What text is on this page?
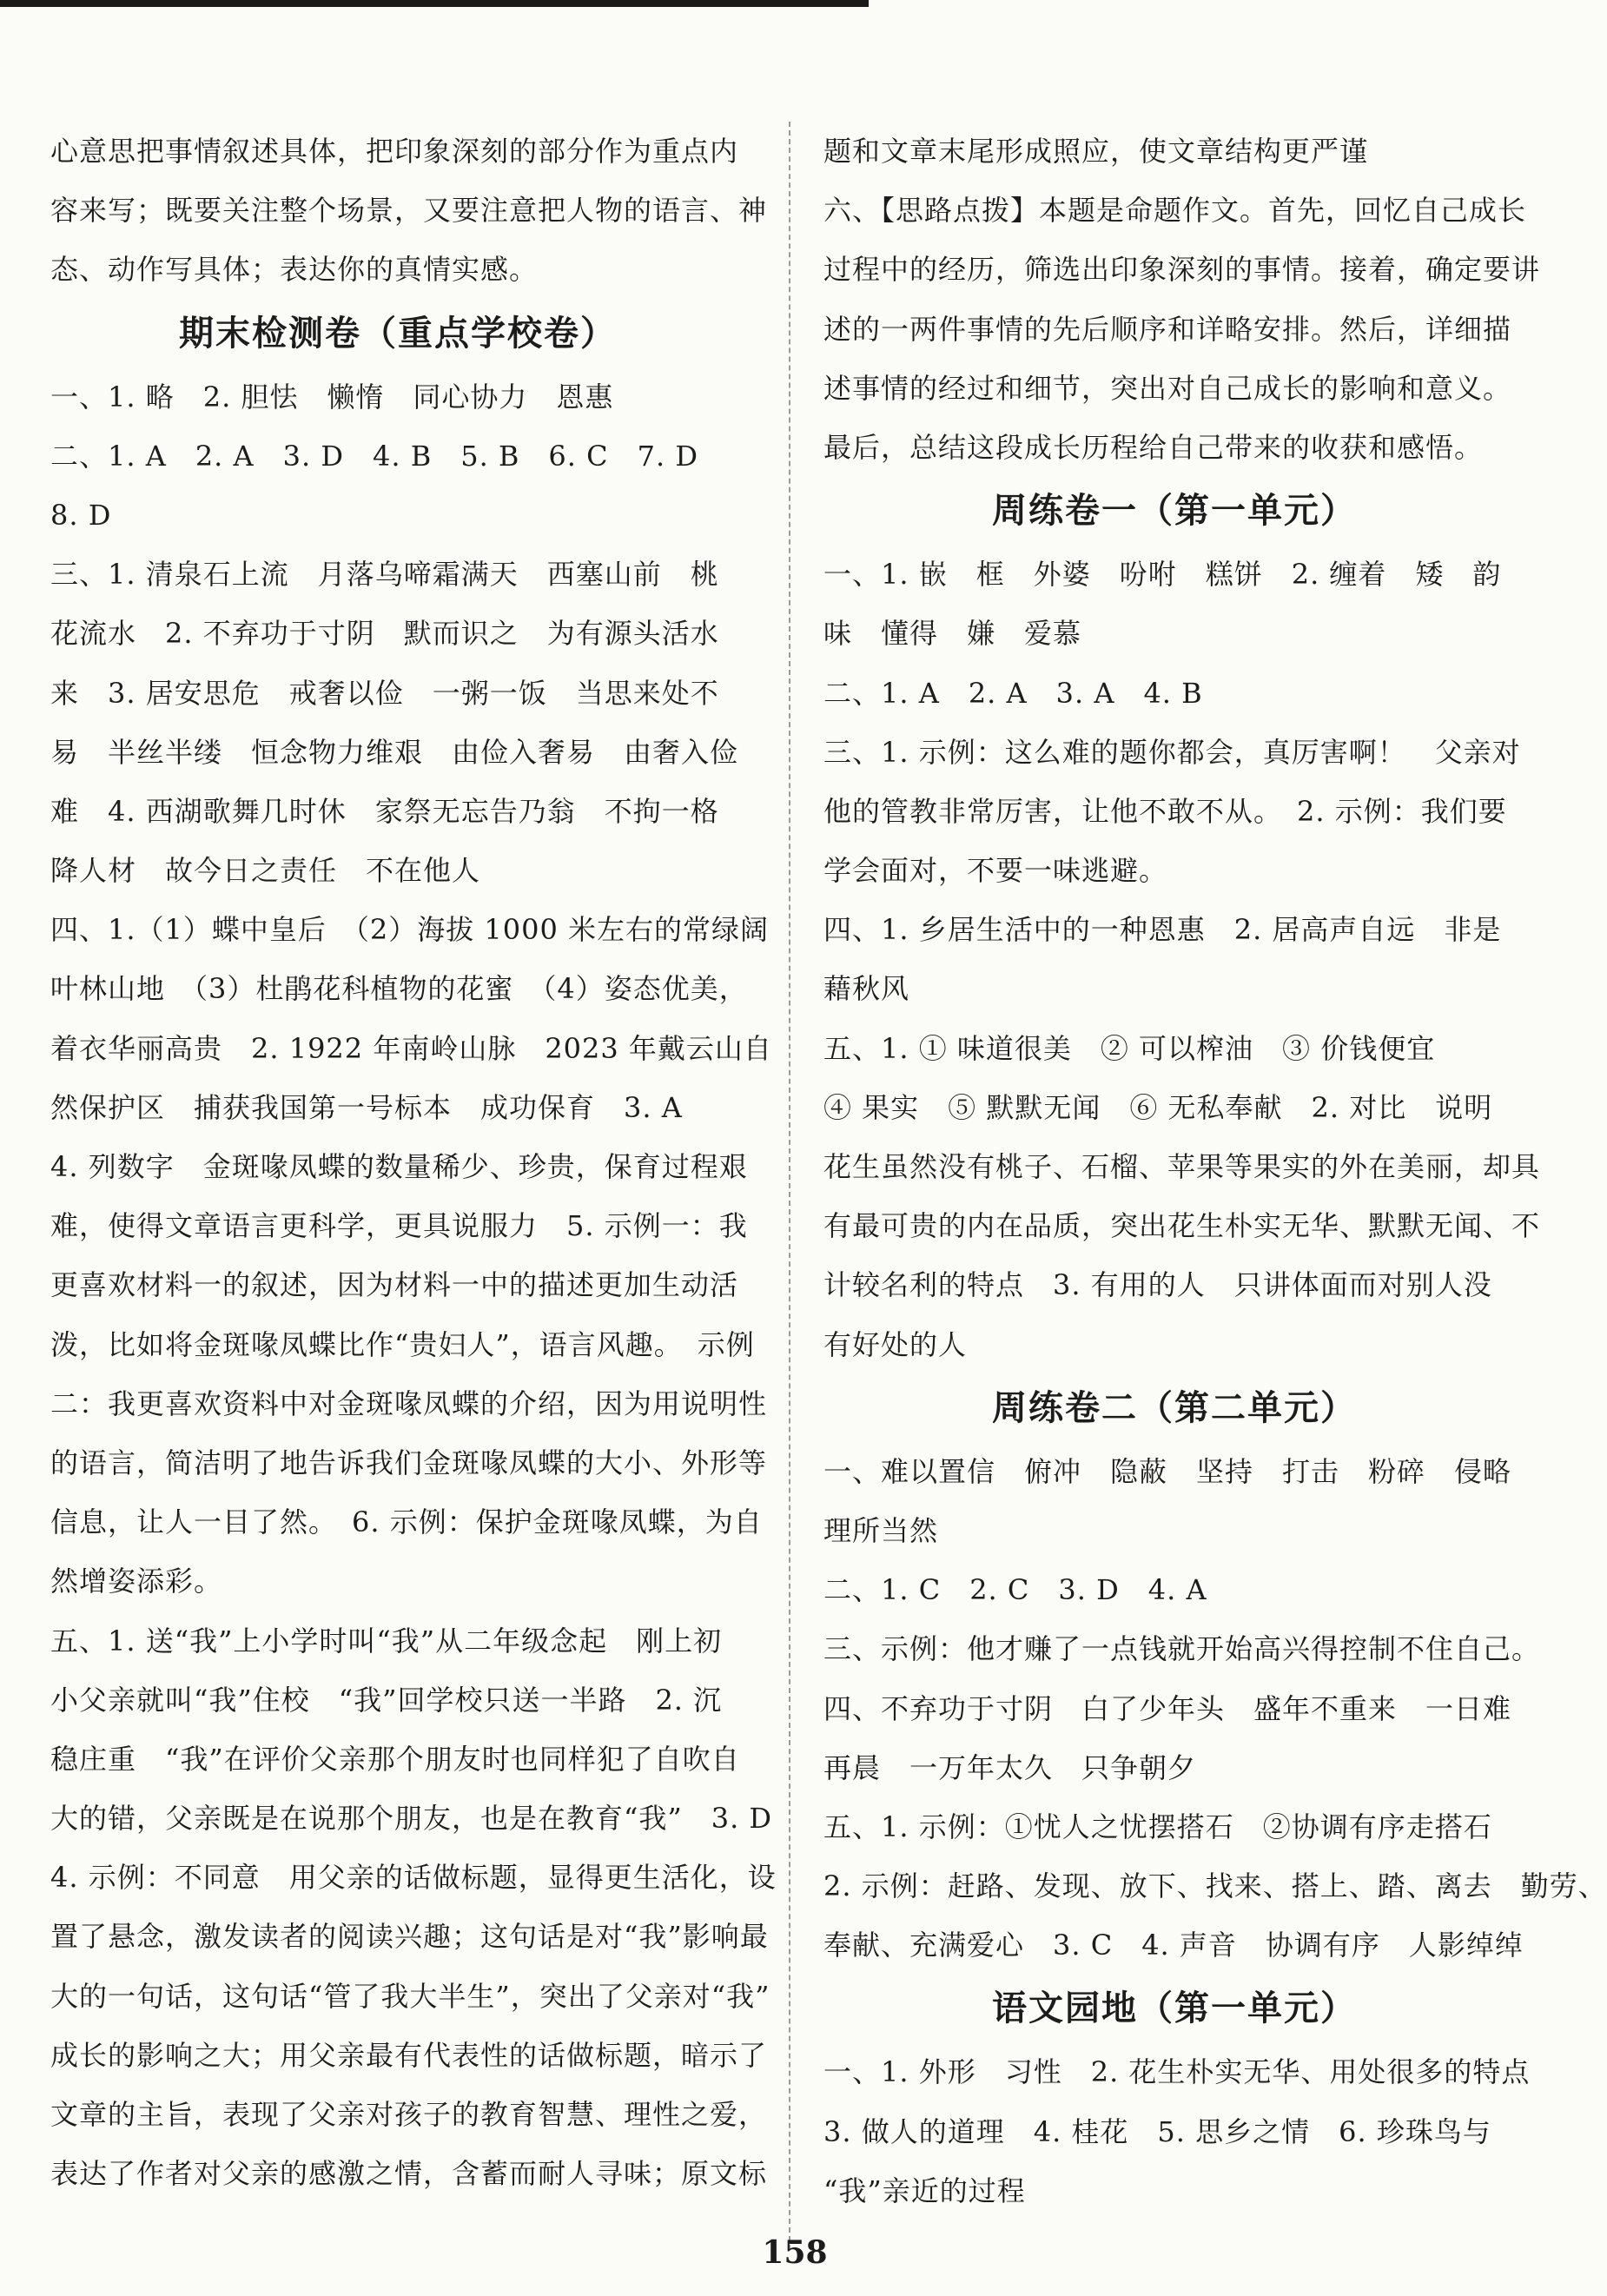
心意思把事情叙述具体，把印象深刻的部分作为重点内
容来写；既要关注整个场景，又要注意把人物的语言、神
态、动作写具体；表达你的真情实感。
期末检测卷（重点学校卷）
一、1. 略　2. 胆怯　懒惰　同心协力　恩惠
二、1. A　2. A　3. D　4. B　5. B　6. C　7. D
8. D
三、1. 清泉石上流　月落乌啼霜满天　西塞山前　桃
花流水　2. 不弃功于寸阴　默而识之　为有源头活水
来　3. 居安思危　戒奢以俭　一粥一饭　当思来处不
易　半丝半缕　恒念物力维艰　由俭入奢易　由奢入俭
难　4. 西湖歌舞几时休　家祭无忘告乃翁　不拘一格
降人材　故今日之责任　不在他人
四、1.（1）蝶中皇后　（2）海拔 1000 米左右的常绿阔
叶林山地　（3）杜鹃花科植物的花蜜　（4）姿态优美，
着衣华丽高贵　2. 1922 年南岭山脉　2023 年戴云山自
然保护区　捕获我国第一号标本　成功保育　3. A
4. 列数字　金斑喙凤蝶的数量稀少、珍贵，保育过程艰
难，使得文章语言更科学，更具说服力　5. 示例一：我
更喜欢材料一的叙述，因为材料一中的描述更加生动活
泼，比如将金斑喙凤蝶比作“贵妇人”，语言风趣。　示例
二：我更喜欢资料中对金斑喙凤蝶的介绍，因为用说明性
的语言，简洁明了地告诉我们金斑喙凤蝶的大小、外形等
信息，让人一目了然。　6. 示例：保护金斑喙凤蝶，为自
然增姿添彩。
五、1. 送“我”上小学时叫“我”从二年级念起　刚上初
小父亲就叫“我”住校　“我”回学校只送一半路　2. 沉
稳庄重　“我”在评价父亲那个朋友时也同样犯了自吹自
大的错，父亲既是在说那个朋友，也是在教育“我”　3. D
4. 示例：不同意　用父亲的话做标题，显得更生活化，设
置了悬念，激发读者的阅读兴趣；这句话是对“我”影响最
大的一句话，这句话“管了我大半生”，突出了父亲对“我”
成长的影响之大；用父亲最有代表性的话做标题，暗示了
文章的主旨，表现了父亲对孩子的教育智慧、理性之爱，
表达了作者对父亲的感激之情，含蓄而耐人寻味；原文标
题和文章末尾形成照应，使文章结构更严谨
六、【思路点拨】本题是命题作文。首先，回忆自己成长
过程中的经历，筛选出印象深刻的事情。接着，确定要讲
述的一两件事情的先后顺序和详略安排。然后，详细描
述事情的经过和细节，突出对自己成长的影响和意义。
最后，总结这段成长历程给自己带来的收获和感悟。
周练卷一（第一单元）
一、1. 嵌　框　外婆　吩咐　糕饼　2. 缠着　矮　韵
味　懂得　嫌　爱慕
二、1. A　2. A　3. A　4. B
三、1. 示例：这么难的题你都会，真厉害啊！　父亲对
他的管教非常厉害，让他不敢不从。　2. 示例：我们要
学会面对，不要一味逃避。
四、1. 乡居生活中的一种恩惠　2. 居高声自远　非是
藉秋风
五、1. ① 味道很美　② 可以榨油　③ 价钱便宜
④ 果实　⑤ 默默无闻　⑥ 无私奉献　2. 对比　说明
花生虽然没有桃子、石榴、苹果等果实的外在美丽，却具
有最可贵的内在品质，突出花生朴实无华、默默无闻、不
计较名利的特点　3. 有用的人　只讲体面而对别人没
有好处的人
周练卷二（第二单元）
一、难以置信　俯冲　隐蔽　坚持　打击　粉碎　侵略
理所当然
二、1. C　2. C　3. D　4. A
三、示例：他才赚了一点钱就开始高兴得控制不住自己。
四、不弃功于寸阴　白了少年头　盛年不重来　一日难
再晨　一万年太久　只争朝夕
五、1. 示例：①忧人之忧摆搭石　②协调有序走搭石
2. 示例：赶路、发现、放下、找来、搭上、踏、离去　勤劳、
奉献、充满爱心　3. C　4. 声音　协调有序　人影绰绰
语文园地（第一单元）
一、1. 外形　习性　2. 花生朴实无华、用处很多的特点
3. 做人的道理　4. 桂花　5. 思乡之情　6. 珍珠鸟与
“我”亲近的过程
158
